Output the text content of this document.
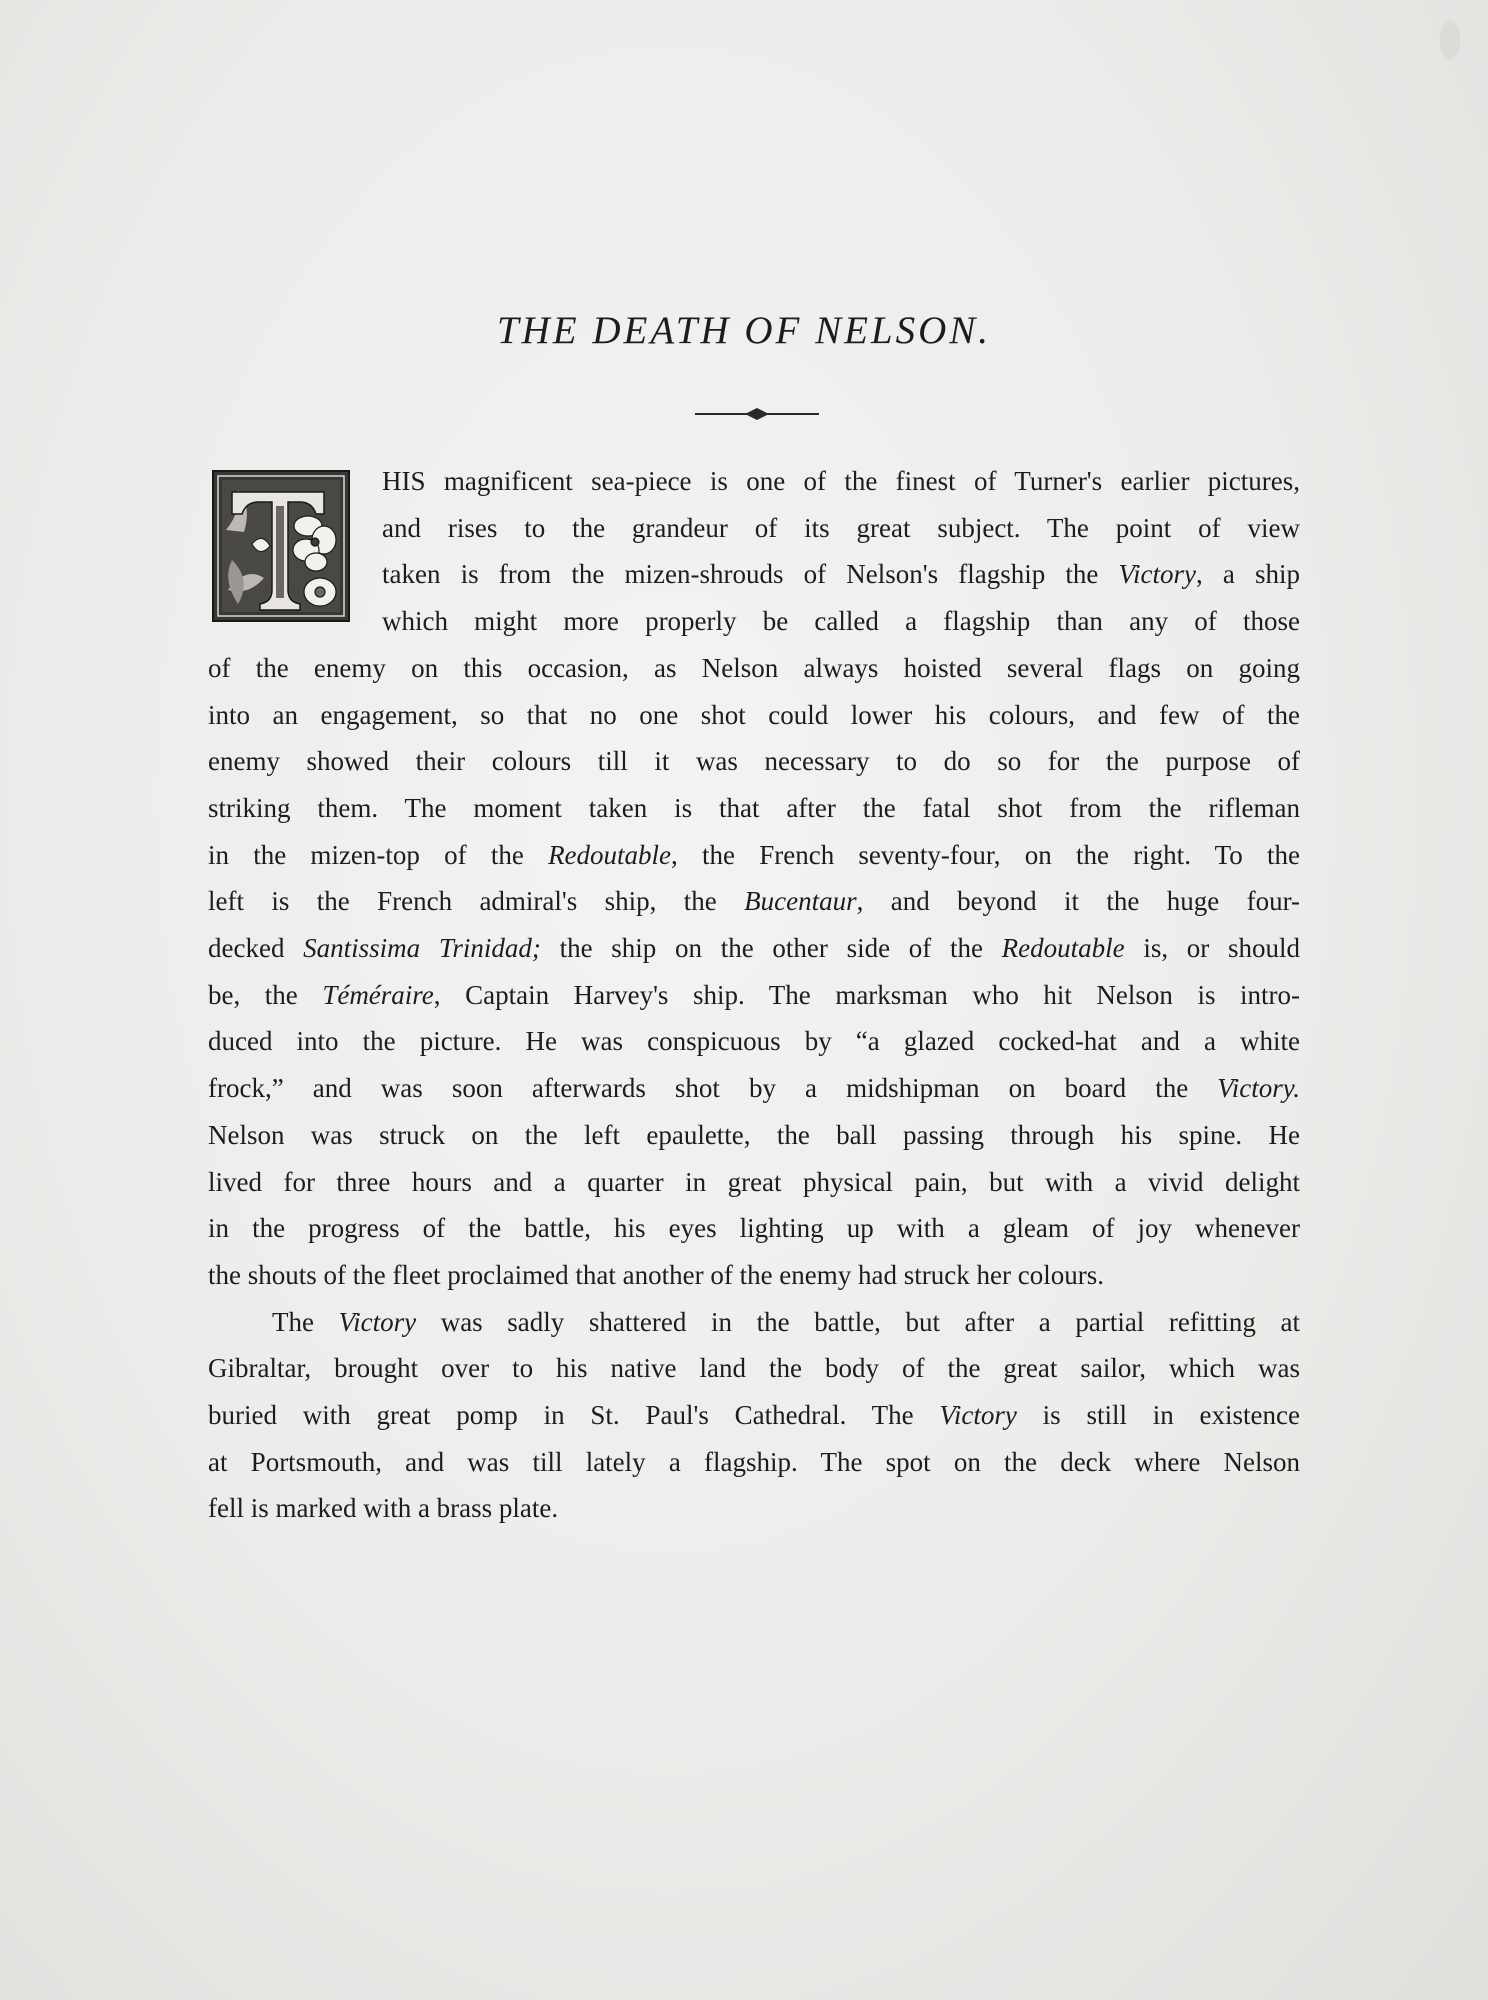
THE DEATH OF NELSON.

HIS magnificent sea-piece is one of the finest of Turner's earlier pictures,
and rises to the grandeur of its great subject. The point of view
taken is from the mizen-shrouds of Nelson's flagship the Victory, a ship
which might more properly be called a flagship than any of those
of the enemy on this occasion, as Nelson always hoisted several flags on going
into an engagement, so that no one shot could lower his colours, and few of the
enemy showed their colours till it was necessary to do so for the purpose of
striking them. The moment taken is that after the fatal shot from the rifleman
in the mizen-top of the Redoutable, the French seventy-four, on the right. To the
left is the French admiral's ship, the Bucentaur, and beyond it the huge four-
decked Santissima Trinidad; the ship on the other side of the Redoutable is, or should
be, the Téméraire, Captain Harvey's ship. The marksman who hit Nelson is intro-
duced into the picture. He was conspicuous by “a glazed cocked-hat and a white
frock,” and was soon afterwards shot by a midshipman on board the Victory.
Nelson was struck on the left epaulette, the ball passing through his spine. He
lived for three hours and a quarter in great physical pain, but with a vivid delight
in the progress of the battle, his eyes lighting up with a gleam of joy whenever
the shouts of the fleet proclaimed that another of the enemy had struck her colours.

The Victory was sadly shattered in the battle, but after a partial refitting at
Gibraltar, brought over to his native land the body of the great sailor, which was
buried with great pomp in St. Paul's Cathedral. The Victory is still in existence
at Portsmouth, and was till lately a flagship. The spot on the deck where Nelson
fell is marked with a brass plate.
